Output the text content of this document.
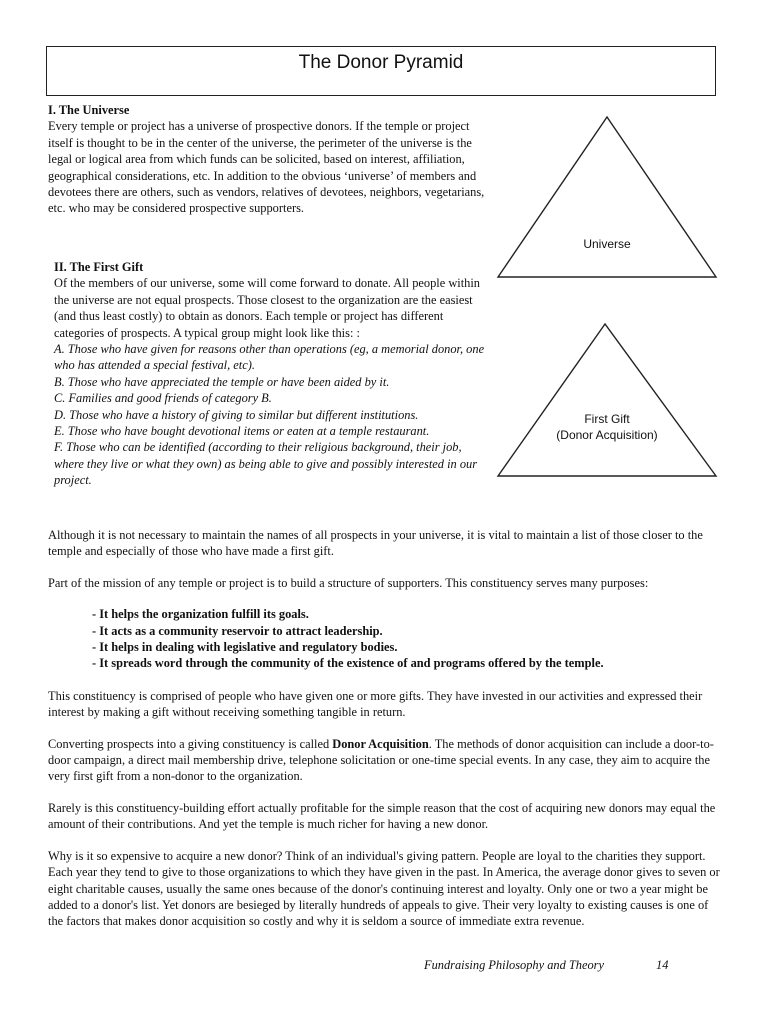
The Donor Pyramid
I. The Universe
Every temple or project has a universe of prospective donors. If the temple or project itself is thought to be in the center of the universe, the perimeter of the universe is the legal or logical area from which funds can be solicited, based on interest, affiliation, geographical considerations, etc. In addition to the obvious ‘universe’ of members and devotees there are others, such as vendors, relatives of devotees, neighbors, vegetarians, etc. who may be considered prospective supporters.
II. The First Gift
Of the members of our universe, some will come forward to donate. All people within the universe are not equal prospects. Those closest to the organization are the easiest (and thus least costly) to obtain as donors. Each temple or project has different categories of prospects. A typical group might look like this: :
A. Those who have given for reasons other than operations (eg, a memorial donor, one who has attended a special festival, etc).
B. Those who have appreciated the temple or have been aided by it.
C. Families and good friends of category B.
D. Those who have a history of giving to similar but different institutions.
E. Those who have bought devotional items or eaten at a temple restaurant.
F. Those who can be identified (according to their religious background, their job, where they live or what they own) as being able to give and possibly interested in our project.
Universe
First Gift
(Donor Acquisition)

Although it is not necessary to maintain the names of all prospects in your universe, it is vital to maintain a list of those closer to the temple and especially of those who have made a first gift.

Part of the mission of any temple or project is to build a structure of supporters. This constituency serves many purposes:

- It helps the organization fulfill its goals.
- It acts as a community reservoir to attract leadership.
- It helps in dealing with legislative and regulatory bodies.
- It spreads word through the community of the existence of and programs offered by the temple.

This constituency is comprised of people who have given one or more gifts. They have invested in our activities and expressed their interest by making a gift without receiving something tangible in return.

Converting prospects into a giving constituency is called Donor Acquisition. The methods of donor acquisition can include a door-to-door campaign, a direct mail membership drive, telephone solicitation or one-time special events. In any case, they aim to acquire the very first gift from a non-donor to the organization.

Rarely is this constituency-building effort actually profitable for the simple reason that the cost of acquiring new donors may equal the amount of their contributions. And yet the temple is much richer for having a new donor.

Why is it so expensive to acquire a new donor? Think of an individual's giving pattern. People are loyal to the charities they support. Each year they tend to give to those organizations to which they have given in the past. In America, the average donor gives to seven or eight charitable causes, usually the same ones because of the donor's continuing interest and loyalty. Only one or two a year might be added to a donor's list. Yet donors are besieged by literally hundreds of appeals to give. Their very loyalty to existing causes is one of the factors that makes donor acquisition so costly and why it is seldom a source of immediate extra revenue.

Fundraising Philosophy and Theory	14
